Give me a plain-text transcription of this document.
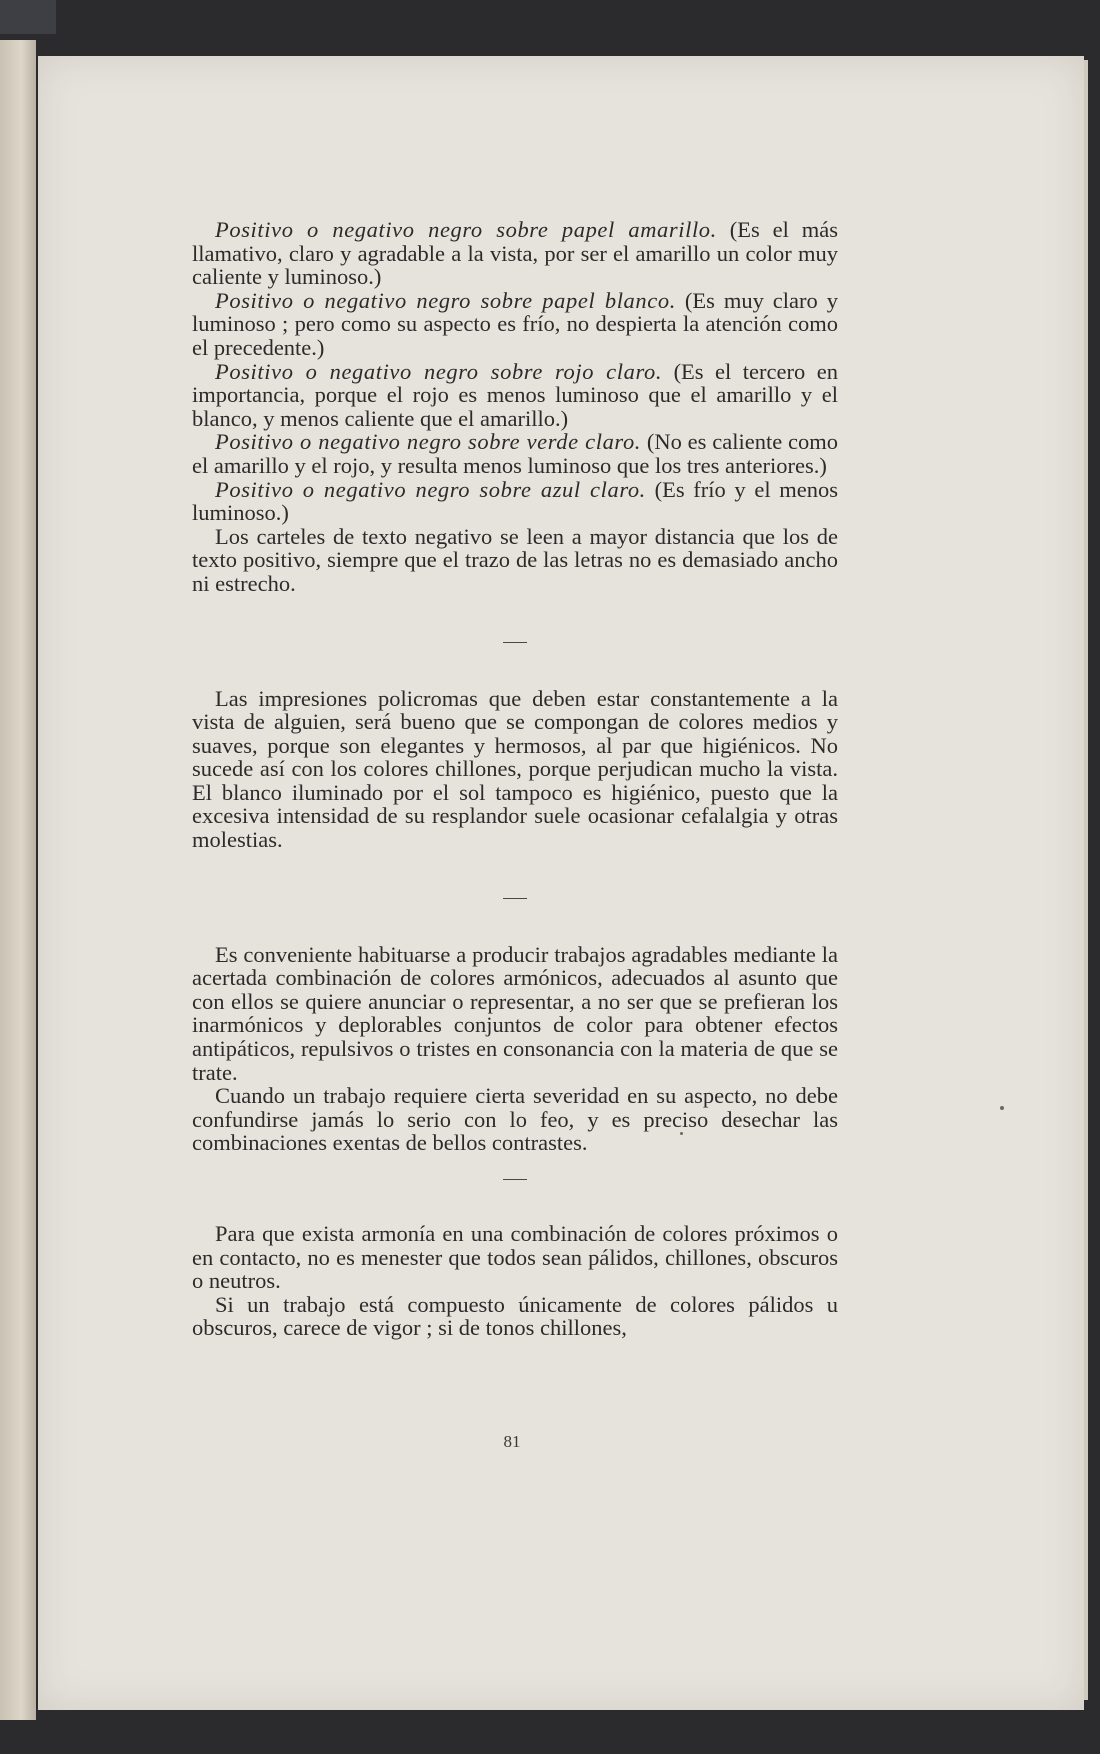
Positivo o negativo negro sobre papel amarillo. (Es el más llamativo, claro y agradable a la vista, por ser el amarillo un color muy caliente y luminoso.)

Positivo o negativo negro sobre papel blanco. (Es muy claro y luminoso ; pero como su aspecto es frío, no despierta la atención como el precedente.)

Positivo o negativo negro sobre rojo claro. (Es el tercero en importancia, porque el rojo es menos luminoso que el amarillo y el blanco, y menos caliente que el amarillo.)

Positivo o negativo negro sobre verde claro. (No es caliente como el amarillo y el rojo, y resulta menos luminoso que los tres anteriores.)

Positivo o negativo negro sobre azul claro. (Es frío y el menos luminoso.)

Los carteles de texto negativo se leen a mayor distancia que los de texto positivo, siempre que el trazo de las letras no es demasiado ancho ni estrecho.

Las impresiones policromas que deben estar constantemente a la vista de alguien, será bueno que se compongan de colores medios y suaves, porque son elegantes y hermosos, al par que higiénicos. No sucede así con los colores chillones, porque perjudican mucho la vista. El blanco iluminado por el sol tampoco es higiénico, puesto que la excesiva intensidad de su resplandor suele ocasionar cefalalgia y otras molestias.

Es conveniente habituarse a producir trabajos agradables mediante la acertada combinación de colores armónicos, adecuados al asunto que con ellos se quiere anunciar o representar, a no ser que se prefieran los inarmónicos y deplorables conjuntos de color para obtener efectos antipáticos, repulsivos o tristes en consonancia con la materia de que se trate.

Cuando un trabajo requiere cierta severidad en su aspecto, no debe confundirse jamás lo serio con lo feo, y es preciso desechar las combinaciones exentas de bellos contrastes.

Para que exista armonía en una combinación de colores próximos o en contacto, no es menester que todos sean pálidos, chillones, obscuros o neutros.

Si un trabajo está compuesto únicamente de colores pálidos u obscuros, carece de vigor ; si de tonos chillones,

81
